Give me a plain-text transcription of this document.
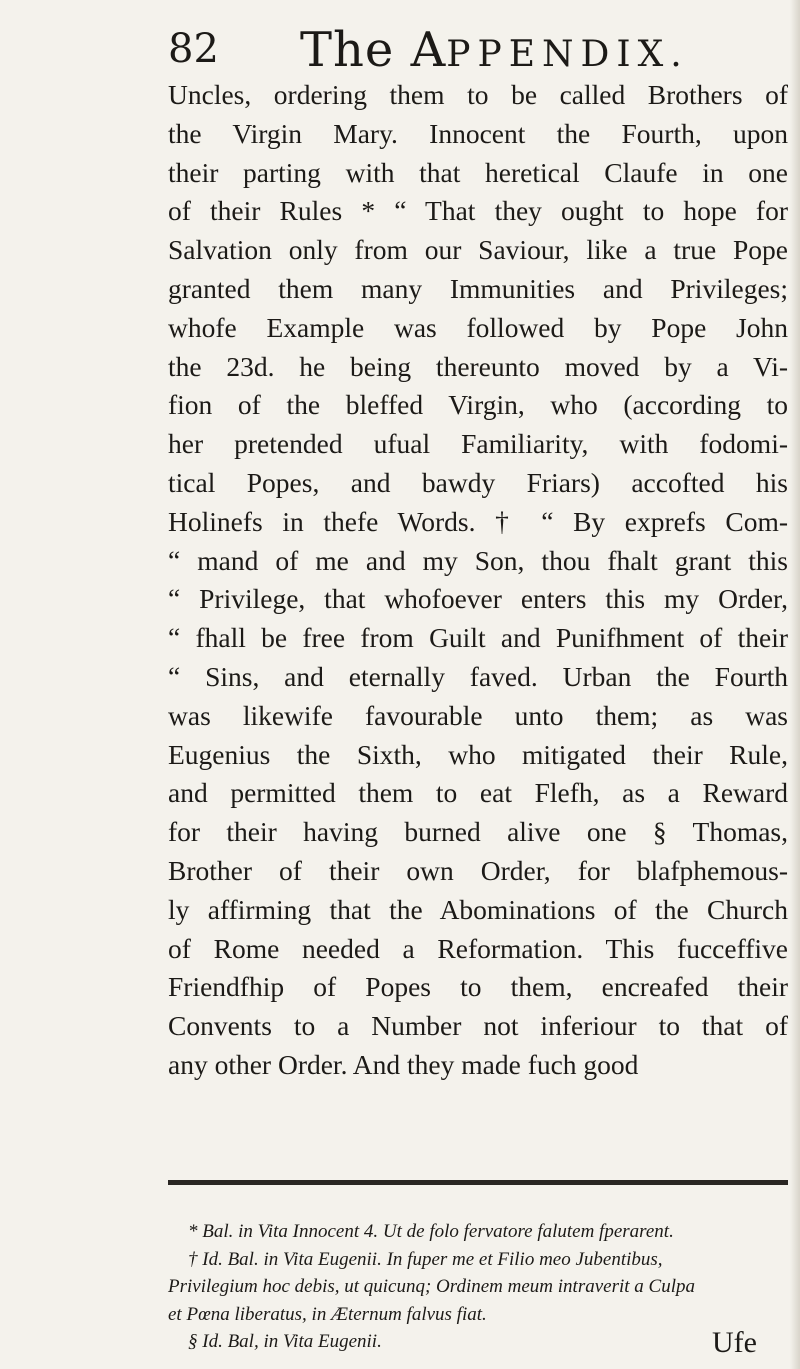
82 The APPENDIX.
Uncles, ordering them to be called Brothers of
the Virgin Mary. Innocent the Fourth, upon
their parting with that heretical Claufe in one
of their Rules * “ That they ought to hope for
Salvation only from our Saviour, like a true Pope
granted them many Immunities and Privileges;
whofe Example was followed by Pope John
the 23d. he being thereunto moved by a Vi-
fion of the bleffed Virgin, who (according to
her pretended ufual Familiarity, with fodomi-
tical Popes, and bawdy Friars) accofted his
Holinefs in thefe Words. † “ By exprefs Com-
“ mand of me and my Son, thou fhalt grant this
“ Privilege, that whofoever enters this my Order,
“ fhall be free from Guilt and Punifhment of their
“ Sins, and eternally faved. Urban the Fourth
was likewife favourable unto them; as was
Eugenius the Sixth, who mitigated their Rule,
and permitted them to eat Flefh, as a Reward
for their having burned alive one § Thomas,
Brother of their own Order, for blafphemous-
ly affirming that the Abominations of the Church
of Rome needed a Reformation. This fucceffive
Friendfhip of Popes to them, encreafed their
Convents to a Number not inferiour to that of
any other Order. And they made fuch good
* Bal. in Vita Innocent 4. Ut de folo fervatore falutem fperarent.
† Id. Bal. in Vita Eugenii. In fuper me et Filio meo Jubentibus,
Privilegium hoc debis, ut quicunq; Ordinem meum intraverit a Culpa
et Pœna liberatus, in Æternum falvus fiat.
§ Id. Bal, in Vita Eugenii.	Ufe
